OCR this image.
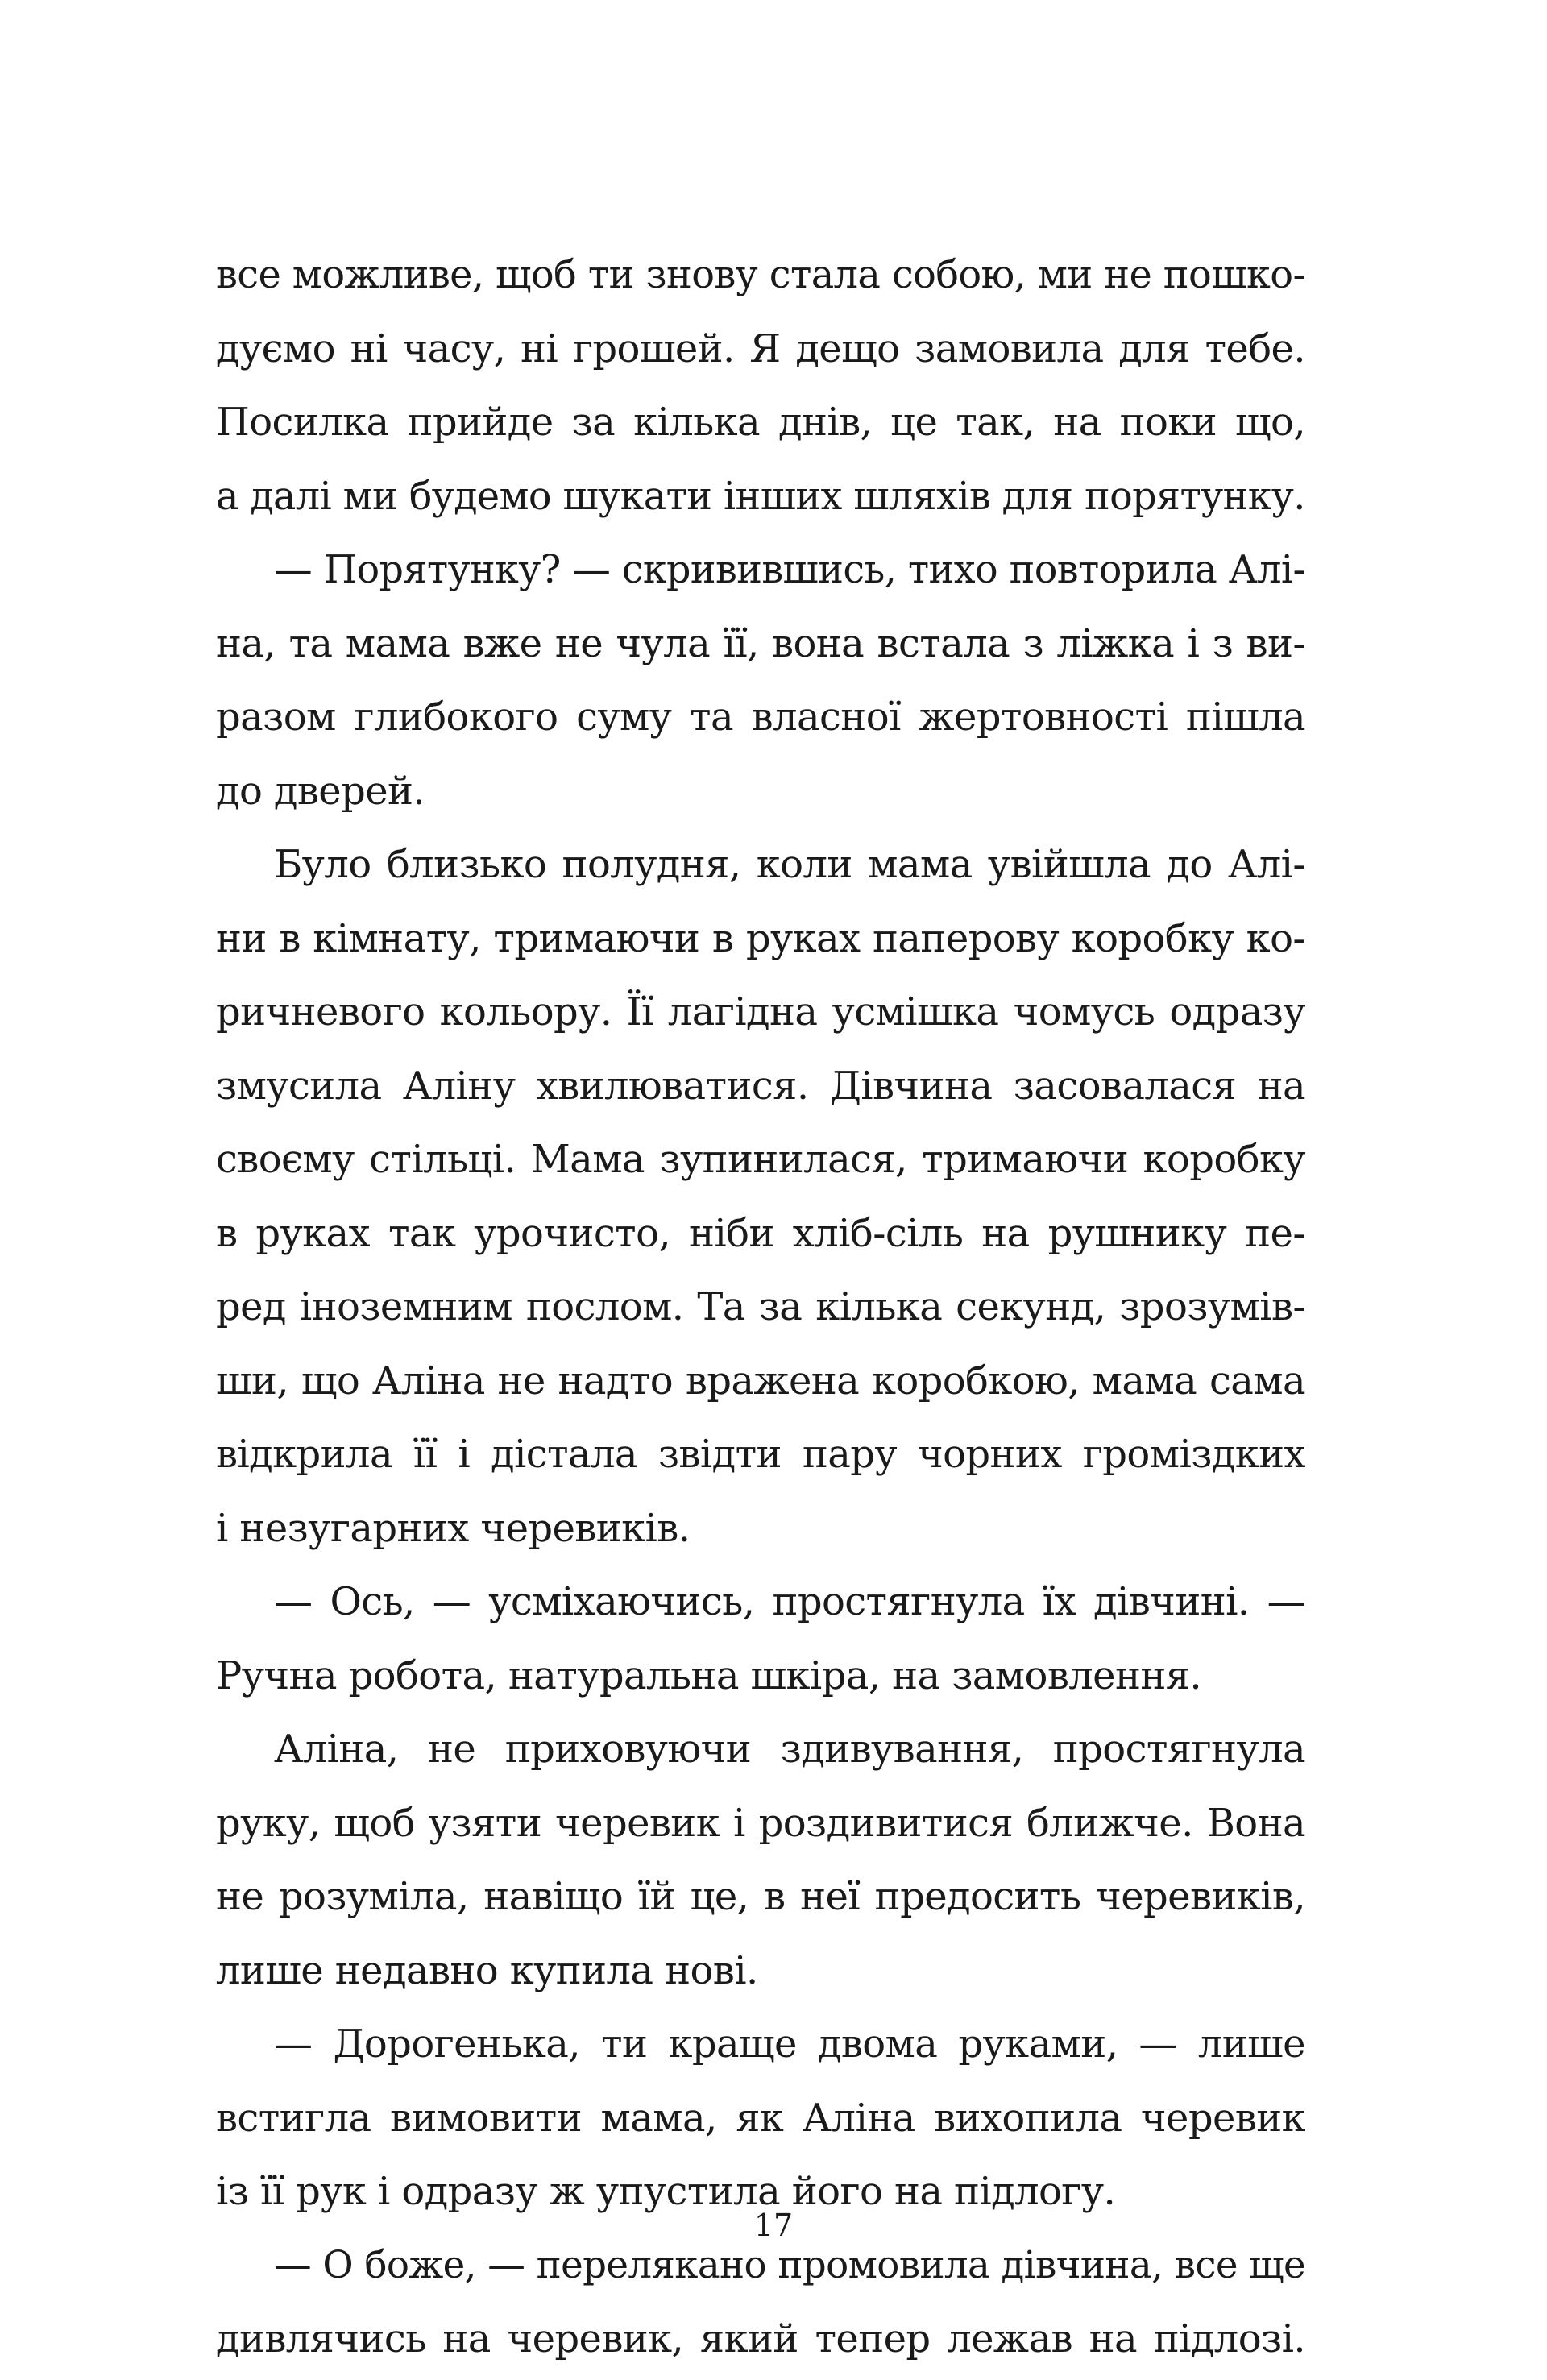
все можливе, щоб ти знову стала собою, ми не пошко-
дуємо ні часу, ні грошей. Я дещо замовила для тебе.
Посилка прийде за кілька днів, це так, на поки що,
а далі ми будемо шукати інших шляхів для порятунку.
— Порятунку? — скривившись, тихо повторила Алі-
на, та мама вже не чула її, вона встала з ліжка і з ви-
разом глибокого суму та власної жертовності пішла
до дверей.
Було близько полудня, коли мама увійшла до Алі-
ни в кімнату, тримаючи в руках паперову коробку ко-
ричневого кольору. Її лагідна усмішка чомусь одразу
змусила Аліну хвилюватися. Дівчина засовалася на
своєму стільці. Мама зупинилася, тримаючи коробку
в руках так урочисто, ніби хліб-сіль на рушнику пе-
ред іноземним послом. Та за кілька секунд, зрозумів-
ши, що Аліна не надто вражена коробкою, мама сама
відкрила її і дістала звідти пару чорних громіздких
і незугарних черевиків.
— Ось, — усміхаючись, простягнула їх дівчині. —
Ручна робота, натуральна шкіра, на замовлення.
Аліна, не приховуючи здивування, простягнула
руку, щоб узяти черевик і роздивитися ближче. Вона
не розуміла, навіщо їй це, в неї предосить черевиків,
лише недавно купила нові.
— Дорогенька, ти краще двома руками, — лише
встигла вимовити мама, як Аліна вихопила черевик
із її рук і одразу ж упустила його на підлогу.
— О боже, — перелякано промовила дівчина, все ще
дивлячись на черевик, який тепер лежав на підлозі.
17
